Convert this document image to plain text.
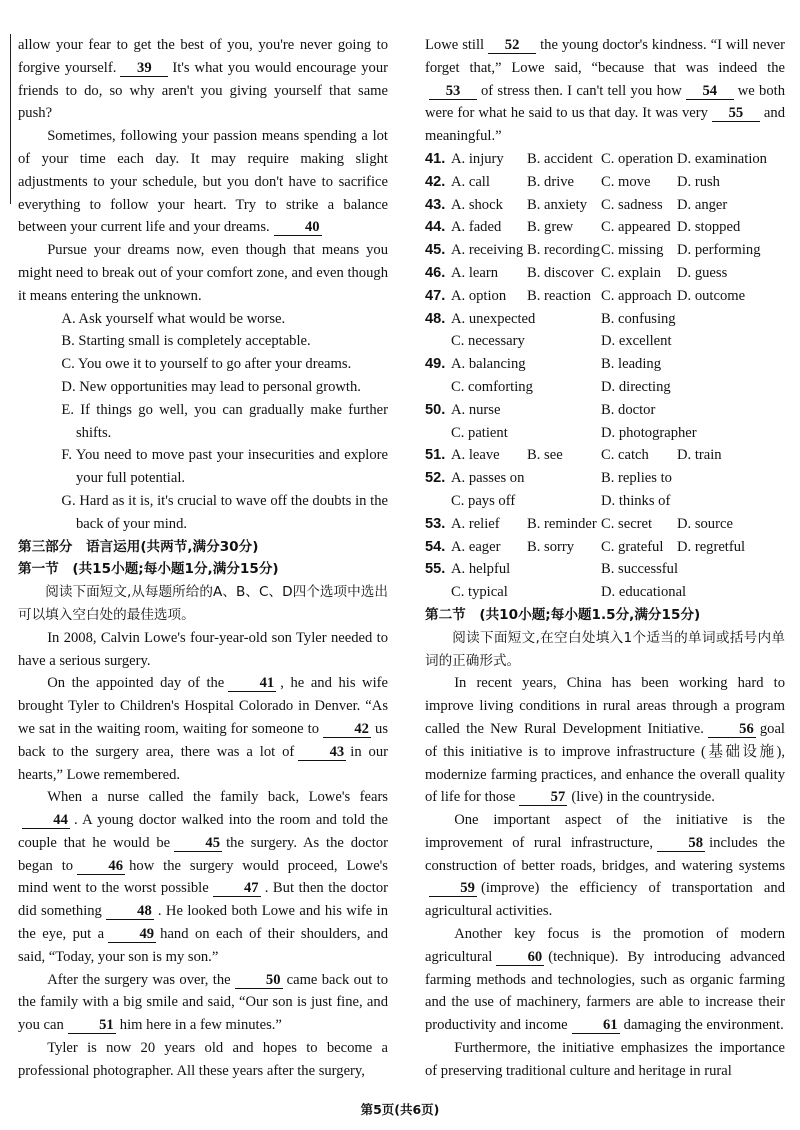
allow your fear to get the best of you, you're never going to forgive yourself. 39 It's what you would encourage your friends to do, so why aren't you giving yourself that same push?

Sometimes, following your passion means spending a lot of your time each day. It may require making slight adjustments to your schedule, but you don't have to sacrifice everything to follow your heart. Try to strike a balance between your current life and your dreams. 40

Pursue your dreams now, even though that means you might need to break out of your comfort zone, and even though it means entering the unknown.

A. Ask yourself what would be worse.

B. Starting small is completely acceptable.

C. You owe it to yourself to go after your dreams.

D. New opportunities may lead to personal growth.

E. If things go well, you can gradually make further shifts.

F. You need to move past your insecurities and explore your full potential.

G. Hard as it is, it's crucial to wave off the doubts in the back of your mind.

第三部分　语言运用(共两节,满分30分)
第一节　(共15小题;每小题1分,满分15分)

阅读下面短文,从每题所给的A、B、C、D四个选项中选出可以填入空白处的最佳选项。

In 2008, Calvin Lowe's four-year-old son Tyler needed to have a serious surgery.

On the appointed day of the 41 , he and his wife brought Tyler to Children's Hospital Colorado in Denver. “As we sat in the waiting room, waiting for someone to 42 us back to the surgery area, there was a lot of 43 in our hearts,” Lowe remembered.

When a nurse called the family back, Lowe's fears44 . A young doctor walked into the room and told the couple that he would be 45 the surgery. As the doctor began to 46 how the surgery would proceed, Lowe's mind went to the worst possible 47 . But then the doctor did something 48 . He looked both Lowe and his wife in the eye, put a 49 hand on each of their shoulders, and said, “Today, your son is my son.”

After the surgery was over, the 50 came back out to the family with a big smile and said, “Our son is just fine, and you can 51 him here in a few minutes.”

Tyler is now 20 years old and hopes to become a professional photographer. All these years after the surgery,

Lowe still 52 the young doctor's kindness. “I will never forget that,” Lowe said, “because that was indeed the53 of stress then. I can't tell you how 54 we both were for what he said to us that day. It was very 55 and meaningful.”

41. A. injury	B. accident C. operation D. examination
42. A. call	B. drive	C. move	D. rush
43. A. shock	B. anxiety C. sadness D. anger
44. A. faded	B. grew	C. appeared D. stopped
45. A. receiving B. recording C. missing D. performing
46. A. learn	B. discover C. explain	D. guess
47. A. option	B. reaction C. approach D. outcome
48. A. unexpected	B. confusing
C. necessary	D. excellent
49. A. balancing	B. leading
C. comforting	D. directing
50. A. nurse	B. doctor
C. patient	D. photographer
51. A. leave	B. see	C. catch	D. train
52. A. passes on	B. replies to
C. pays off	D. thinks of
53. A. relief	B. reminder C. secret	D. source
54. A. eager	B. sorry	C. grateful D. regretful
55. A. helpful	B. successful
C. typical	D. educational
第二节　(共10小题;每小题1.5分,满分15分)

阅读下面短文,在空白处填入1个适当的单词或括号内单词的正确形式。

In recent years, China has been working hard to improve living conditions in rural areas through a program called the New Rural Development Initiative. 56 goal of this initiative is to improve infrastructure (基础设施), modernize farming practices, and enhance the overall quality of life for those 57 (live) in the countryside.

One important aspect of the initiative is the improvement of rural infrastructure, 58 includes the construction of better roads, bridges, and watering systems59 (improve) the efficiency of transportation and agricultural activities.

Another key focus is the promotion of modern agricultural 60 (technique). By introducing advanced farming methods and technologies, such as organic farming and the use of machinery, farmers are able to increase their productivity and income 61 damaging the environment.

Furthermore, the initiative emphasizes the importance of preserving traditional culture and heritage in rural

第5页(共6页)
